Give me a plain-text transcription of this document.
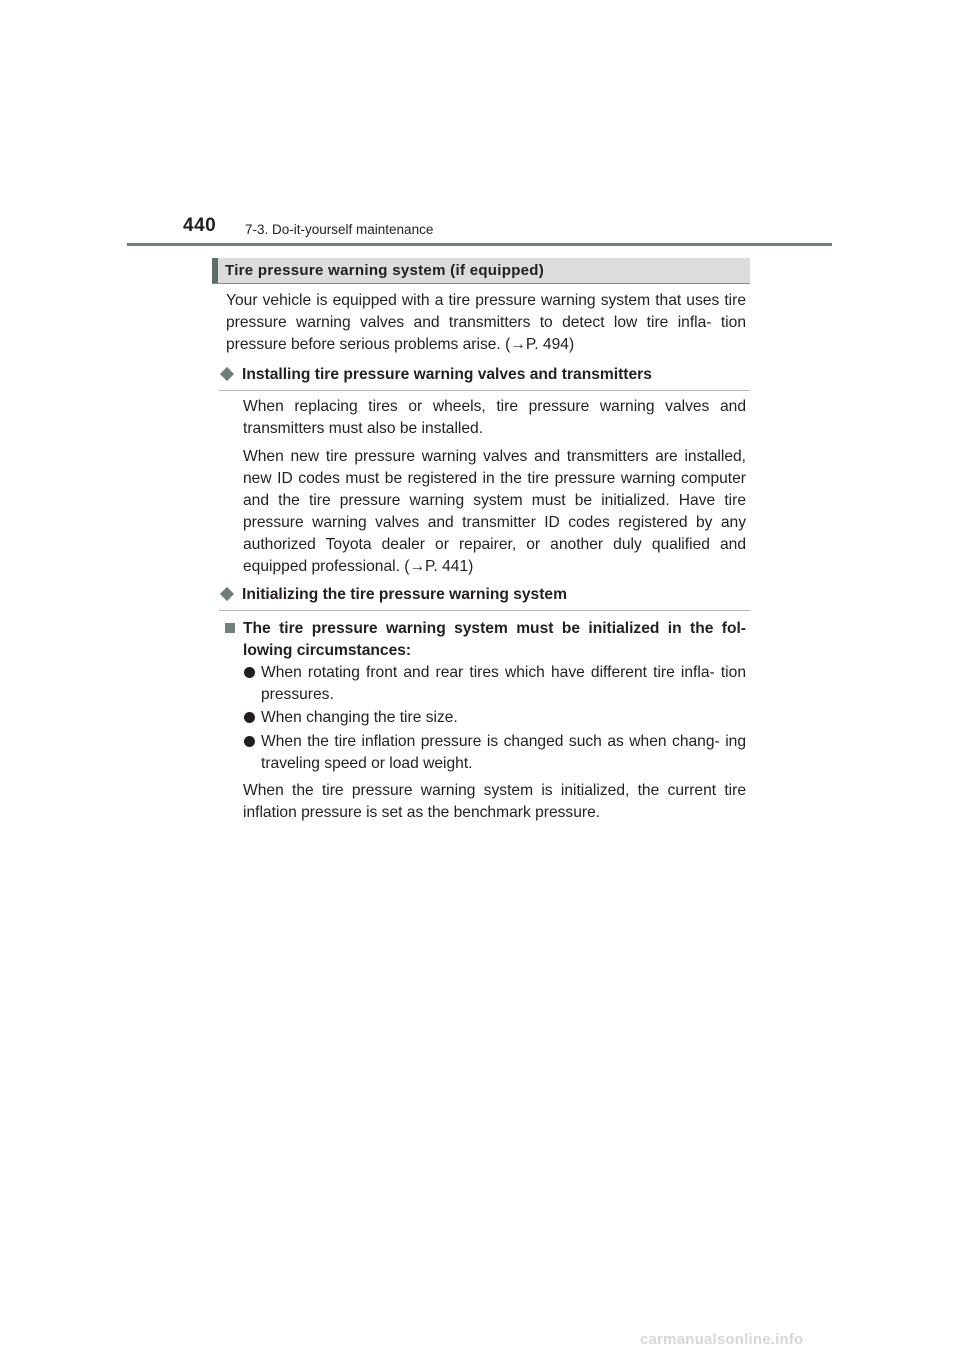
440 7-3. Do-it-yourself maintenance
Tire pressure warning system (if equipped)
Your vehicle is equipped with a tire pressure warning system that uses tire pressure warning valves and transmitters to detect low tire infla- tion pressure before serious problems arise. (→P. 494)
Installing tire pressure warning valves and transmitters
When replacing tires or wheels, tire pressure warning valves and transmitters must also be installed.
When new tire pressure warning valves and transmitters are installed, new ID codes must be registered in the tire pressure warning computer and the tire pressure warning system must be initialized. Have tire pressure warning valves and transmitter ID codes registered by any authorized Toyota dealer or repairer, or another duly qualified and equipped professional. (→P. 441)
Initializing the tire pressure warning system
The tire pressure warning system must be initialized in the fol- lowing circumstances:
When rotating front and rear tires which have different tire infla- tion pressures.
When changing the tire size.
When the tire inflation pressure is changed such as when chang- ing traveling speed or load weight.
When the tire pressure warning system is initialized, the current tire inflation pressure is set as the benchmark pressure.
carmanualsonline.info
